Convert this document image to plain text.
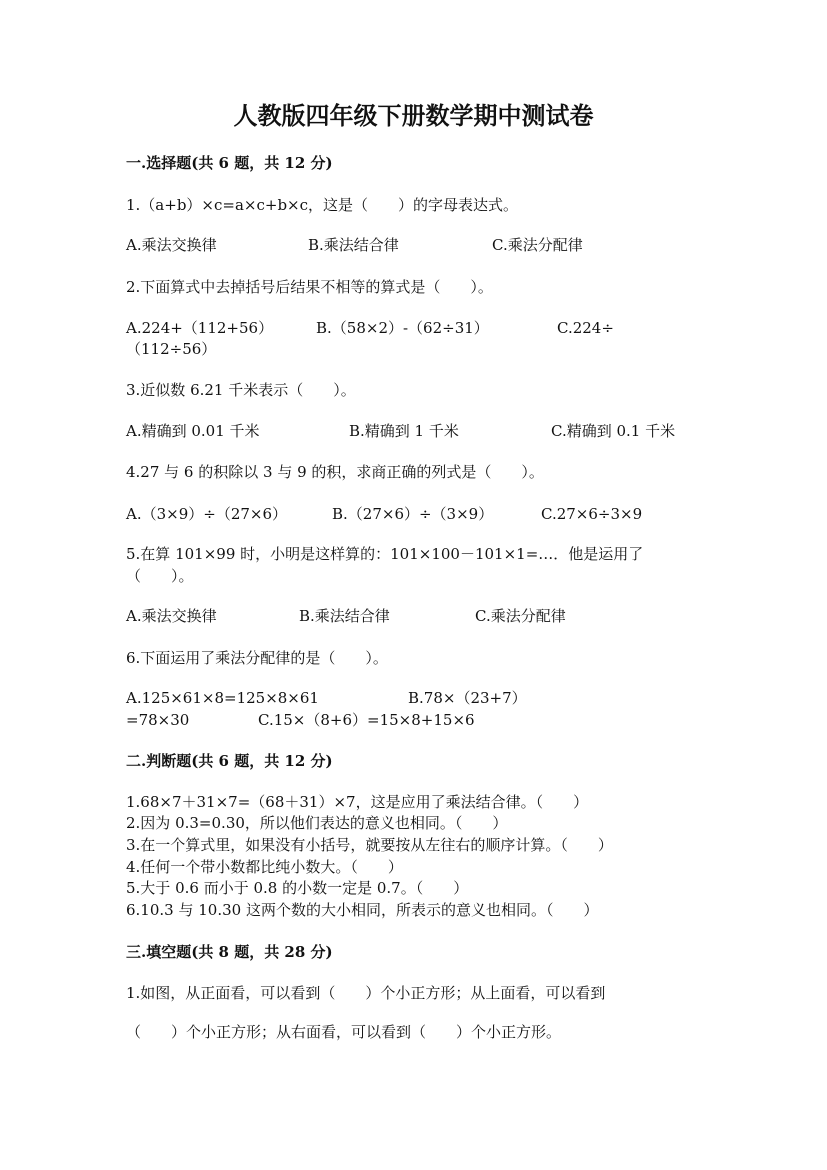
人教版四年级下册数学期中测试卷
一.选择题(共 6 题，共 12 分)
1.（a+b）×c=a×c+b×c，这是（　　）的字母表达式。
A.乘法交换律	B.乘法结合律	C.乘法分配律
2.下面算式中去掉括号后结果不相等的算式是（　　）。
A.224+（112+56）	B.（58×2）-（62÷31）	C.224÷
（112÷56）
3.近似数 6.21 千米表示（　　）。
A.精确到 0.01 千米	B.精确到 1 千米	C.精确到 0.1 千米
4.27 与 6 的积除以 3 与 9 的积，求商正确的列式是（　　）。
A.（3×9）÷（27×6）	B.（27×6）÷（3×9）	C.27×6÷3×9
5.在算 101×99 时，小明是这样算的：101×100－101×1=…．他是运用了
（　　）。
A.乘法交换律	B.乘法结合律	C.乘法分配律
6.下面运用了乘法分配律的是（　　）。
A.125×61×8=125×8×61	B.78×（23+7）
=78×30	C.15×（8+6）=15×8+15×6
二.判断题(共 6 题，共 12 分)
1.68×7＋31×7=（68＋31）×7，这是应用了乘法结合律。（　　）
2.因为 0.3=0.30，所以他们表达的意义也相同。（　　）
3.在一个算式里，如果没有小括号，就要按从左往右的顺序计算。（　　）
4.任何一个带小数都比纯小数大。（　　）
5.大于 0.6 而小于 0.8 的小数一定是 0.7。（　　）
6.10.3 与 10.30 这两个数的大小相同，所表示的意义也相同。（　　）
三.填空题(共 8 题，共 28 分)
1.如图，从正面看，可以看到（　　）个小正方形；从上面看，可以看到
（　　）个小正方形；从右面看，可以看到（　　）个小正方形。
